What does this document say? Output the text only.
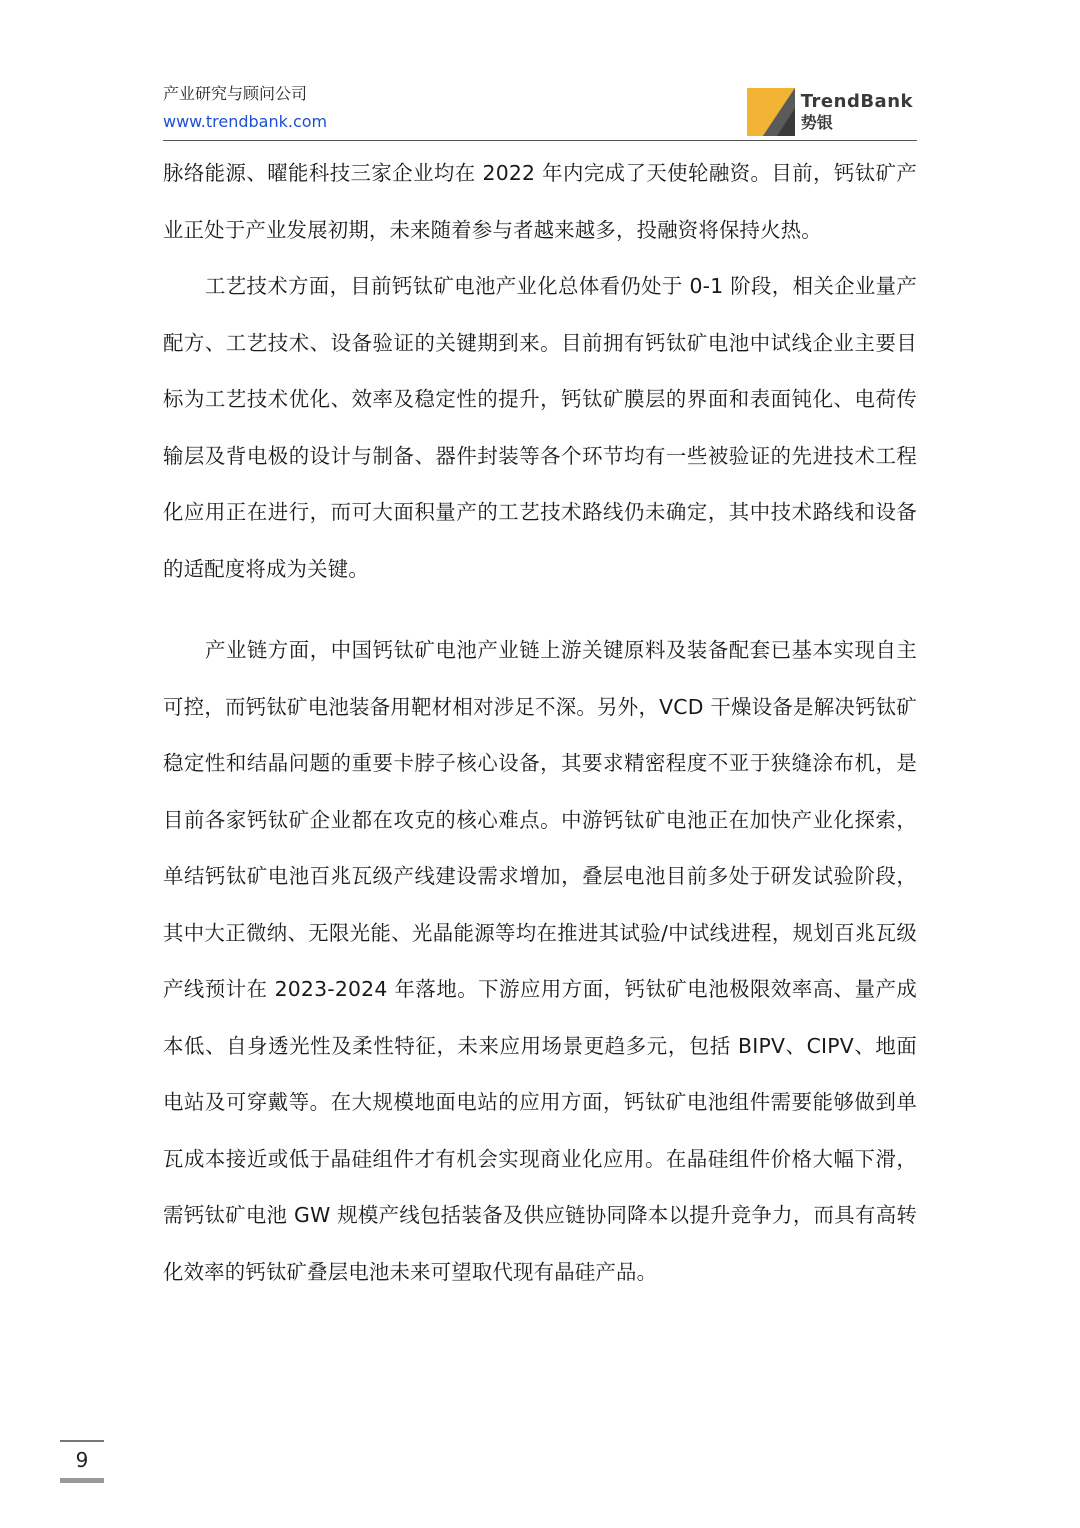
产业研究与顾问公司
www.trendbank.com
TrendBank
势银

脉络能源、曜能科技三家企业均在 2022 年内完成了天使轮融资。目前，钙钛矿产业正处于产业发展初期，未来随着参与者越来越多，投融资将保持火热。

工艺技术方面，目前钙钛矿电池产业化总体看仍处于 0-1 阶段，相关企业量产配方、工艺技术、设备验证的关键期到来。目前拥有钙钛矿电池中试线企业主要目标为工艺技术优化、效率及稳定性的提升，钙钛矿膜层的界面和表面钝化、电荷传输层及背电极的设计与制备、器件封装等各个环节均有一些被验证的先进技术工程化应用正在进行，而可大面积量产的工艺技术路线仍未确定，其中技术路线和设备的适配度将成为关键。

产业链方面，中国钙钛矿电池产业链上游关键原料及装备配套已基本实现自主可控，而钙钛矿电池装备用靶材相对涉足不深。另外，VCD 干燥设备是解决钙钛矿稳定性和结晶问题的重要卡脖子核心设备，其要求精密程度不亚于狭缝涂布机，是目前各家钙钛矿企业都在攻克的核心难点。中游钙钛矿电池正在加快产业化探索，单结钙钛矿电池百兆瓦级产线建设需求增加，叠层电池目前多处于研发试验阶段，其中大正微纳、无限光能、光晶能源等均在推进其试验/中试线进程，规划百兆瓦级产线预计在 2023-2024 年落地。下游应用方面，钙钛矿电池极限效率高、量产成本低、自身透光性及柔性特征，未来应用场景更趋多元，包括 BIPV、CIPV、地面电站及可穿戴等。在大规模地面电站的应用方面，钙钛矿电池组件需要能够做到单瓦成本接近或低于晶硅组件才有机会实现商业化应用。在晶硅组件价格大幅下滑，需钙钛矿电池 GW 规模产线包括装备及供应链协同降本以提升竞争力，而具有高转化效率的钙钛矿叠层电池未来可望取代现有晶硅产品。

9
